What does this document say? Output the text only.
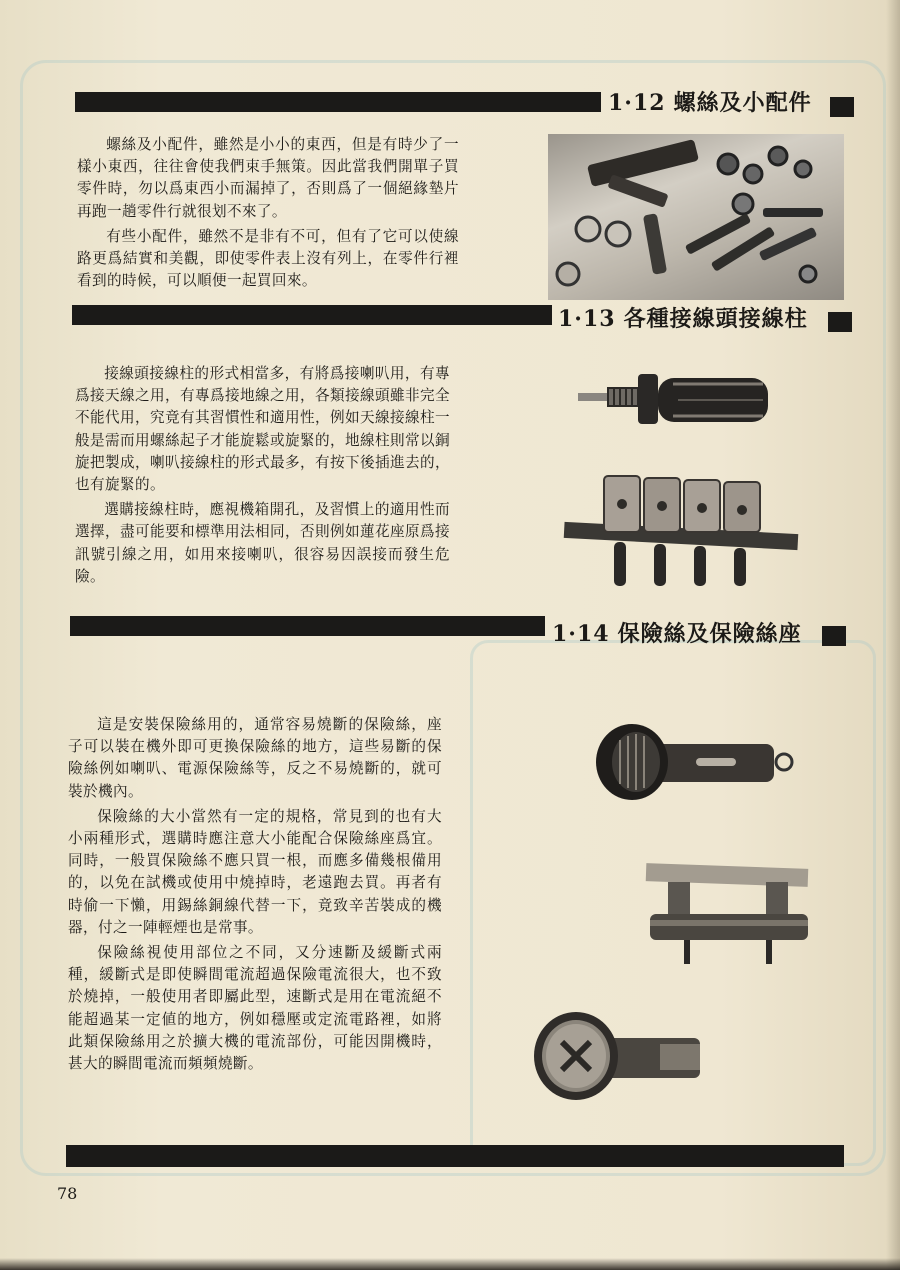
1·12 螺絲及小配件

螺絲及小配件，雖然是小小的東西，但是有時少了一樣小東西，往往會使我們束手無策。因此當我們開單子買零件時，勿以爲東西小而漏掉了，否則爲了一個絕緣墊片再跑一趟零件行就很划不來了。

有些小配件，雖然不是非有不可，但有了它可以使線路更爲結實和美觀，即使零件表上沒有列上，在零件行裡看到的時候，可以順便一起買回來。

1·13 各種接線頭接線柱

接線頭接線柱的形式相當多，有將爲接喇叭用，有專爲接天線之用，有專爲接地線之用，各類接線頭雖非完全不能代用，究竟有其習慣性和適用性，例如天線接線柱一般是需而用螺絲起子才能旋鬆或旋緊的，地線柱則常以銅旋把製成，喇叭接線柱的形式最多，有按下後插進去的，也有旋緊的。

選購接線柱時，應視機箱開孔，及習慣上的適用性而選擇，盡可能要和標準用法相同，否則例如蓮花座原爲接訊號引線之用，如用來接喇叭，很容易因誤接而發生危險。

1·14 保險絲及保險絲座

這是安裝保險絲用的，通常容易燒斷的保險絲，座子可以裝在機外即可更換保險絲的地方，這些易斷的保險絲例如喇叭、電源保險絲等，反之不易燒斷的，就可裝於機內。

保險絲的大小當然有一定的規格，常見到的也有大小兩種形式，選購時應注意大小能配合保險絲座爲宜。同時，一般買保險絲不應只買一根，而應多備幾根備用的，以免在試機或使用中燒掉時，老遠跑去買。再者有時偷一下懶，用錫絲銅線代替一下，竟致辛苦裝成的機器，付之一陣輕煙也是常事。

保險絲視使用部位之不同，又分速斷及緩斷式兩種，緩斷式是即使瞬間電流超過保險電流很大，也不致於燒掉，一般使用者即屬此型，速斷式是用在電流絕不能超過某一定値的地方，例如穩壓或定流電路裡，如將此類保險絲用之於擴大機的電流部份，可能因開機時，甚大的瞬間電流而頻頻燒斷。

78
